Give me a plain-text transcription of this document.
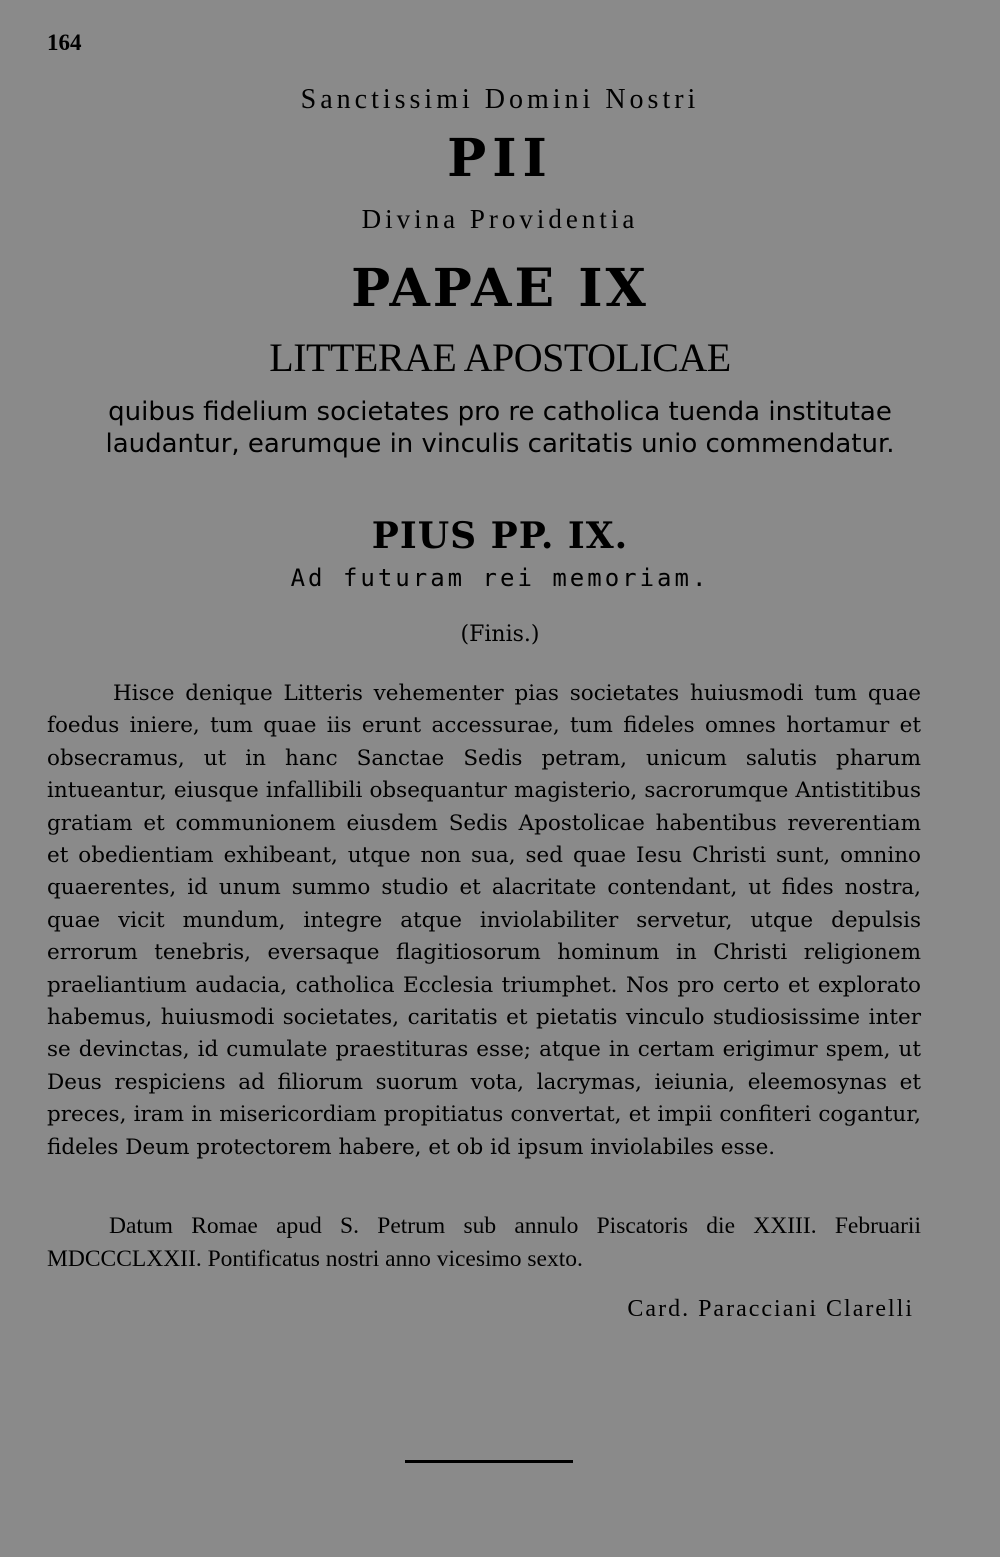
164
Sanctissimi Domini Nostri
PII
Divina Providentia
PAPAE IX
LITTERAE APOSTOLICAE
quibus fidelium societates pro re catholica tuenda institutae laudantur, earumque in vinculis caritatis unio commendatur.
PIUS PP. IX.
Ad futuram rei memoriam.
(Finis.)

Hisce denique Litteris vehementer pias societates huiusmodi tum quae foedus iniere, tum quae iis erunt accessurae, tum fideles omnes hortamur et obsecramus, ut in hanc Sanctae Sedis petram, unicum salutis pharum intueantur, eiusque infallibili obsequantur magisterio, sacrorumque Antistitibus gratiam et communionem eiusdem Sedis Apostolicae habentibus reverentiam et obedientiam exhibeant, utque non sua, sed quae Iesu Christi sunt, omnino quaerentes, id unum summo studio et alacritate contendant, ut fides nostra, quae vicit mundum, integre atque inviolabiliter servetur, utque depulsis errorum tenebris, eversaque flagitiosorum hominum in Christi religionem praeliantium audacia, catholica Ecclesia triumphet. Nos pro certo et explorato habemus, huiusmodi societates, caritatis et pietatis vinculo studiosissime inter se devinctas, id cumulate praestituras esse; atque in certam erigimur spem, ut Deus respiciens ad filiorum suorum vota, lacrymas, ieiunia, eleemosynas et preces, iram in misericordiam propitiatus convertat, et impii confiteri cogantur, fideles Deum protectorem habere, et ob id ipsum inviolabiles esse.

Datum Romae apud S. Petrum sub annulo Piscatoris die XXIII. Februarii MDCCCLXXII. Pontificatus nostri anno vicesimo sexto.

Card. Paracciani Clarelli
